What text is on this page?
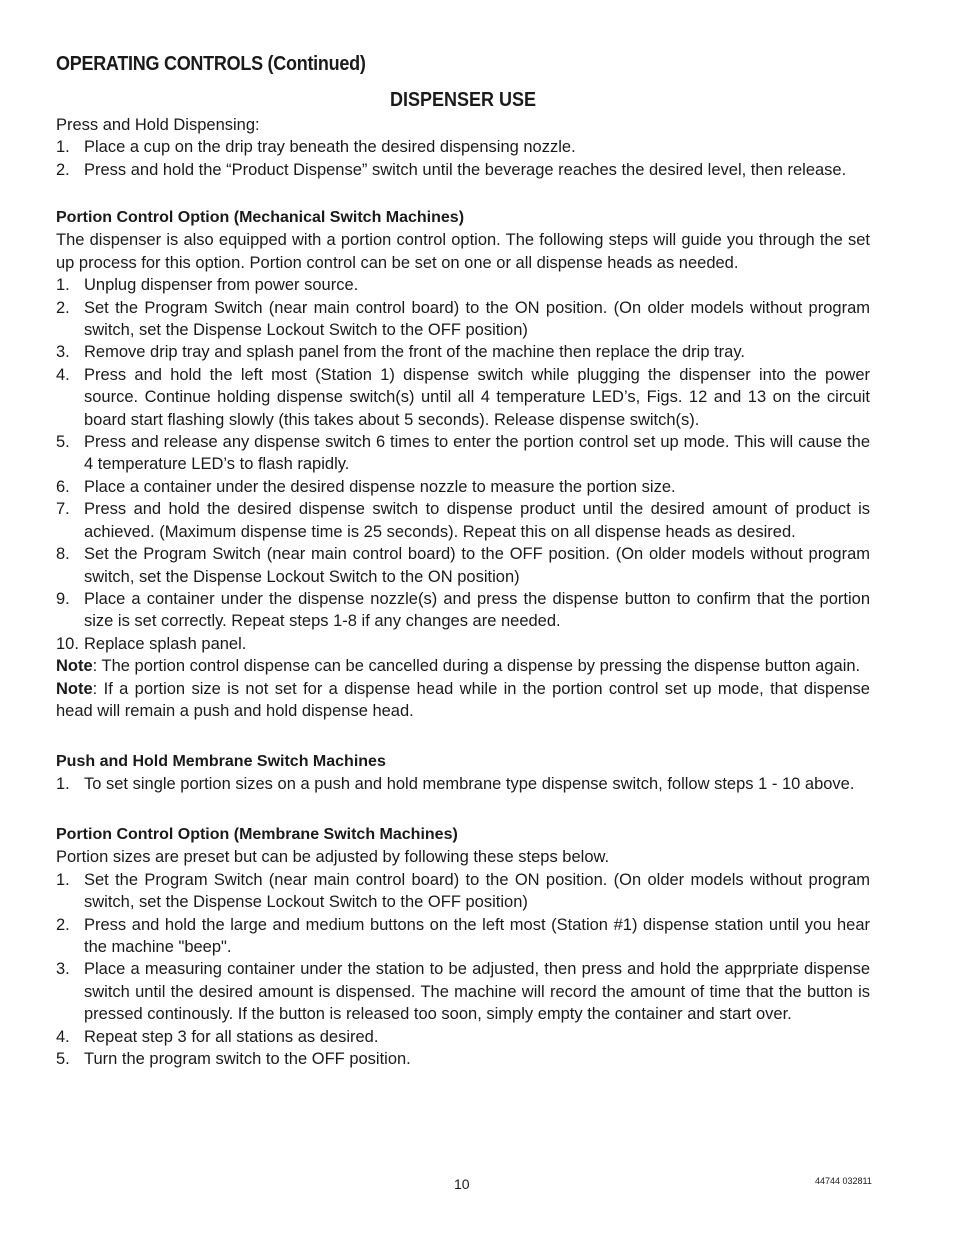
OPERATING CONTROLS (Continued)
DISPENSER USE

Press and Hold Dispensing:

1. Place a cup on the drip tray beneath the desired dispensing nozzle.
2. Press and hold the “Product Dispense” switch until the beverage reaches the desired level, then release.

Portion Control Option (Mechanical Switch Machines)

The dispenser is also equipped with a portion control option. The following steps will guide you through the set up process for this option. Portion control can be set on one or all dispense heads as needed.

1. Unplug dispenser from power source.
2. Set the Program Switch (near main control board) to the ON position. (On older models without program switch, set the Dispense Lockout Switch to the OFF position)
3. Remove drip tray and splash panel from the front of the machine then replace the drip tray.
4. Press and hold the left most (Station 1) dispense switch while plugging the dispenser into the power source. Continue holding dispense switch(s) until all 4 temperature LED’s, Figs. 12 and 13 on the circuit board start flashing slowly (this takes about 5 seconds). Release dispense switch(s).
5. Press and release any dispense switch 6 times to enter the portion control set up mode. This will cause the 4 temperature LED’s to flash rapidly.
6. Place a container under the desired dispense nozzle to measure the portion size.
7. Press and hold the desired dispense switch to dispense product until the desired amount of product is achieved. (Maximum dispense time is 25 seconds). Repeat this on all dispense heads as desired.
8. Set the Program Switch (near main control board) to the OFF position. (On older models without program switch, set the Dispense Lockout Switch to the ON position)
9. Place a container under the dispense nozzle(s) and press the dispense button to confirm that the portion size is set correctly. Repeat steps 1-8 if any changes are needed.
10. Replace splash panel.

Note: The portion control dispense can be cancelled during a dispense by pressing the dispense button again.

Note: If a portion size is not set for a dispense head while in the portion control set up mode, that dispense head will remain a push and hold dispense head.

Push and Hold Membrane Switch Machines

1. To set single portion sizes on a push and hold membrane type dispense switch, follow steps 1 - 10 above.

Portion Control Option (Membrane Switch Machines)

Portion sizes are preset but can be adjusted by following these steps below.

1. Set the Program Switch (near main control board) to the ON position. (On older models without program switch, set the Dispense Lockout Switch to the OFF position)
2. Press and hold the large and medium buttons on the left most (Station #1) dispense station until you hear the machine "beep".
3. Place a measuring container under the station to be adjusted, then press and hold the apprpriate dispense switch until the desired amount is dispensed. The machine will record the amount of time that the button is pressed continously. If the button is released too soon, simply empty the container and start over.
4. Repeat step 3 for all stations as desired.
5. Turn the program switch to the OFF position.
10	44744 032811
